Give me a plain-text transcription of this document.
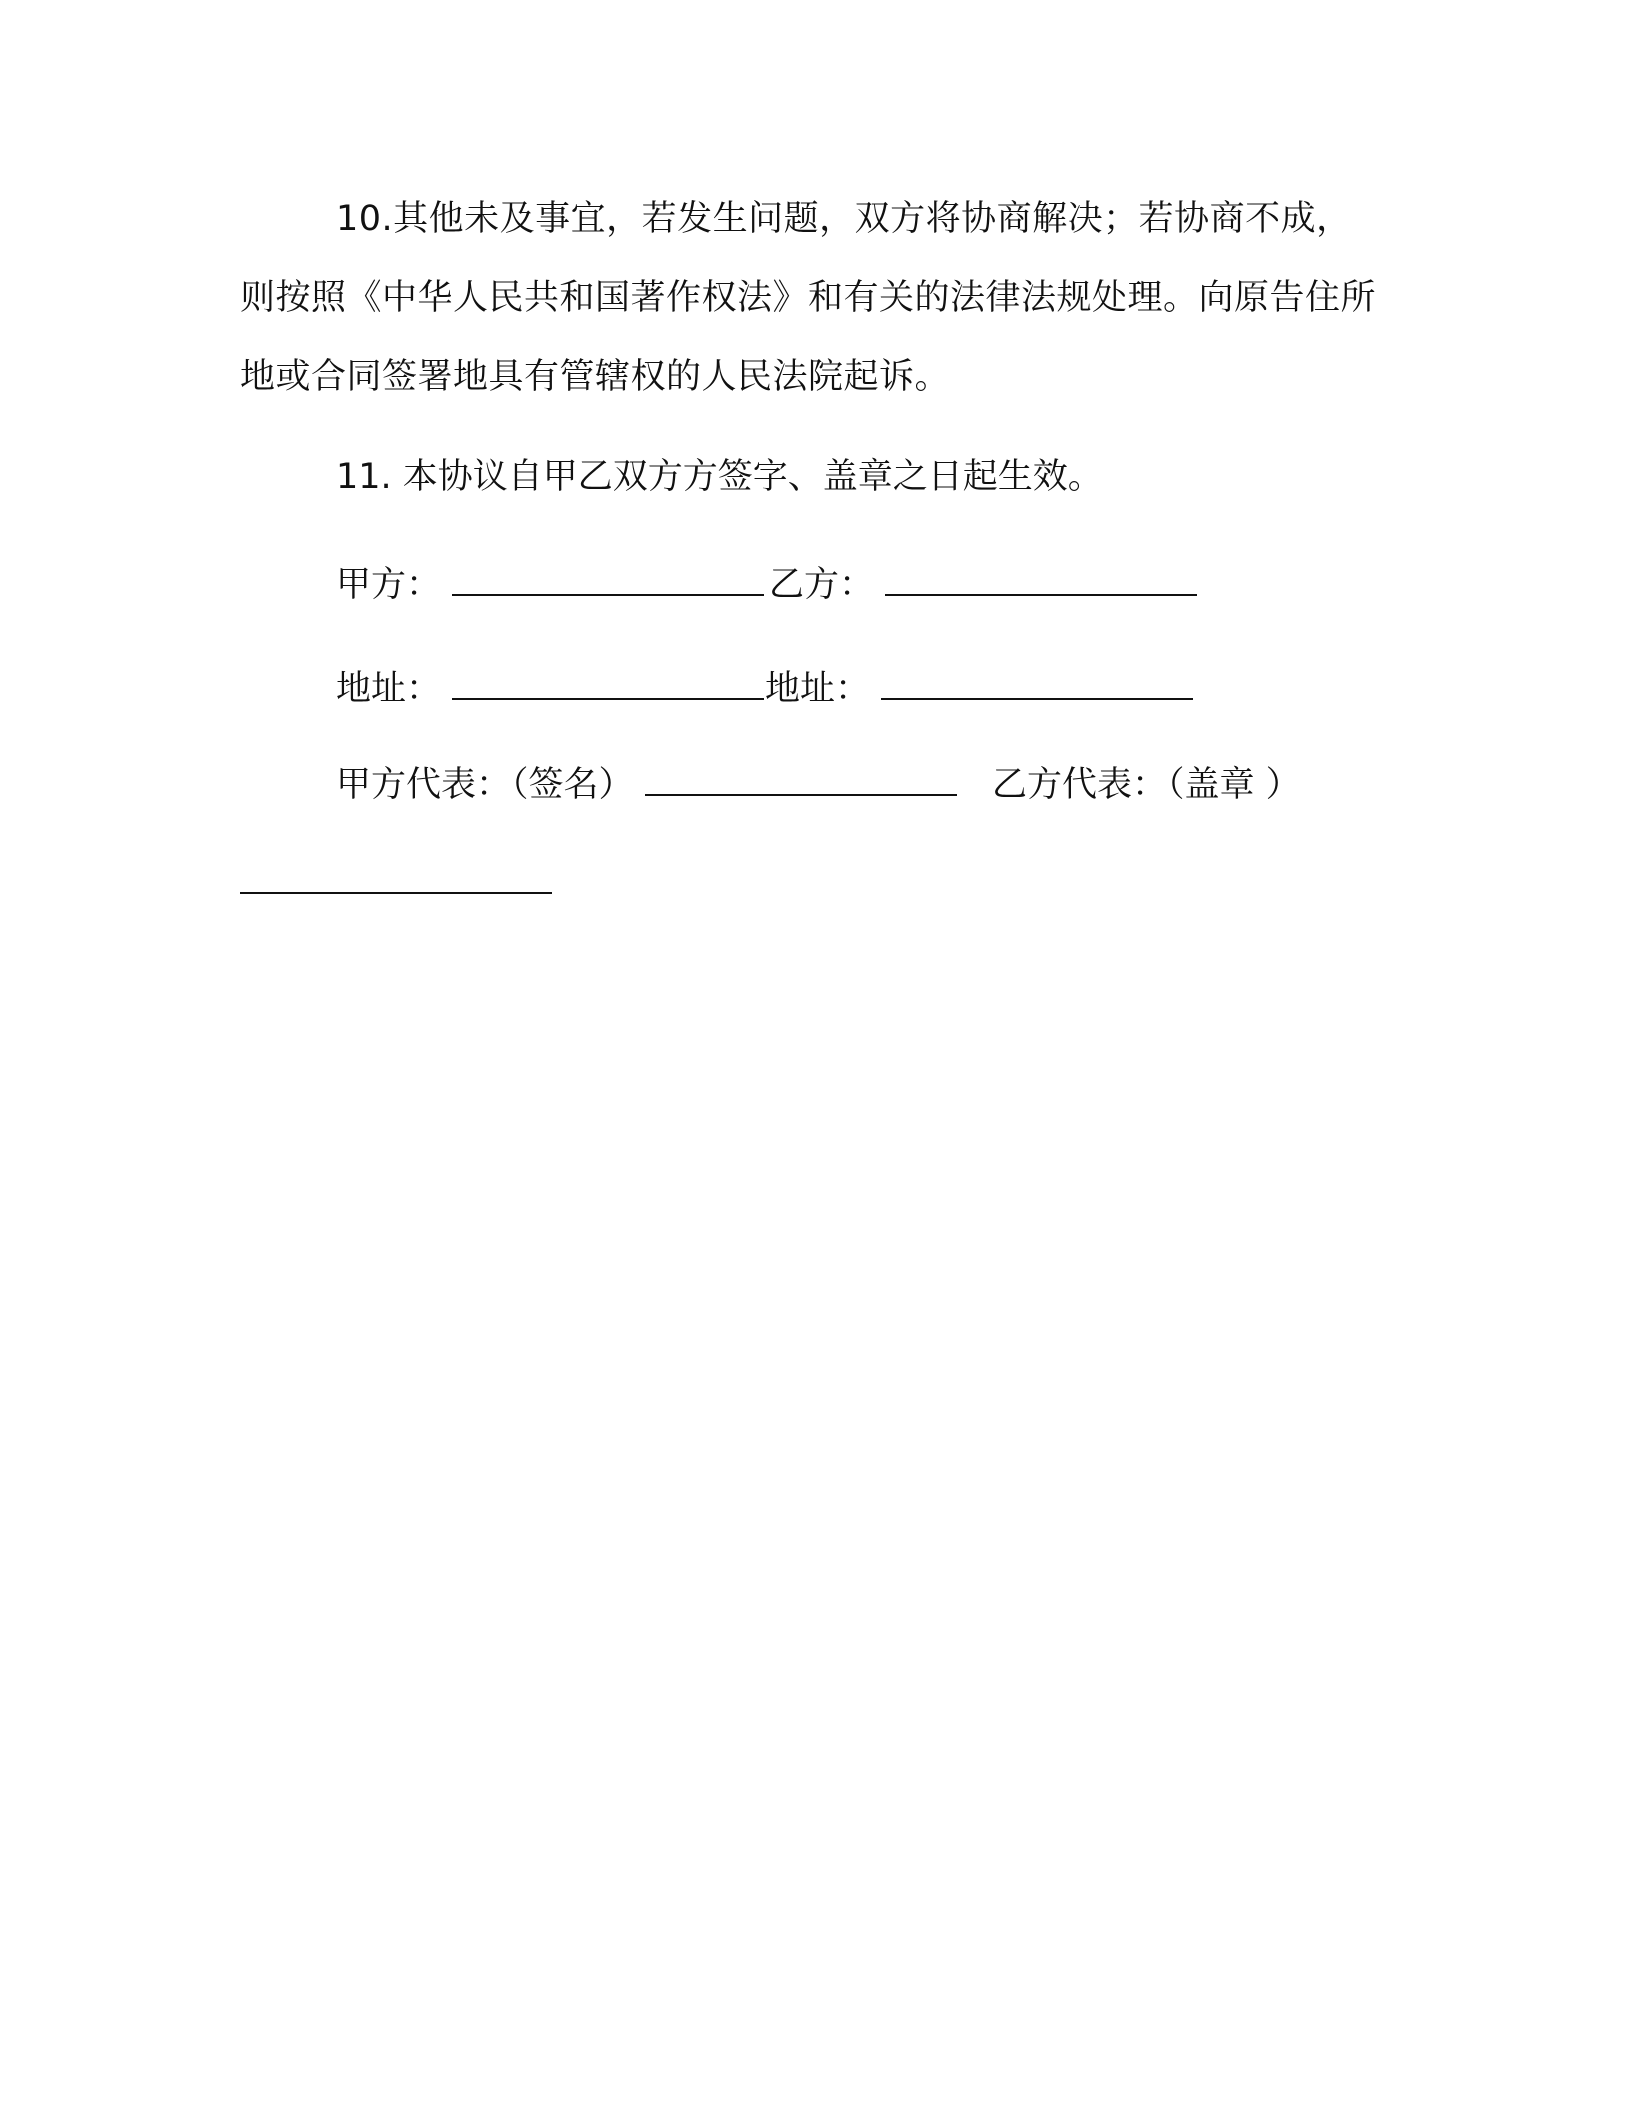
10.其他未及事宜，若发生问题，双方将协商解决；若协商不成，则按照《中华人民共和国著作权法》和有关的法律法规处理。向原告住所地或合同签署地具有管辖权的人民法院起诉。
11. 本协议自甲乙双方方签字、盖章之日起生效。
甲方：	乙方：
地址：	地址：
甲方代表：（签名）	乙方代表：（盖章 ）
